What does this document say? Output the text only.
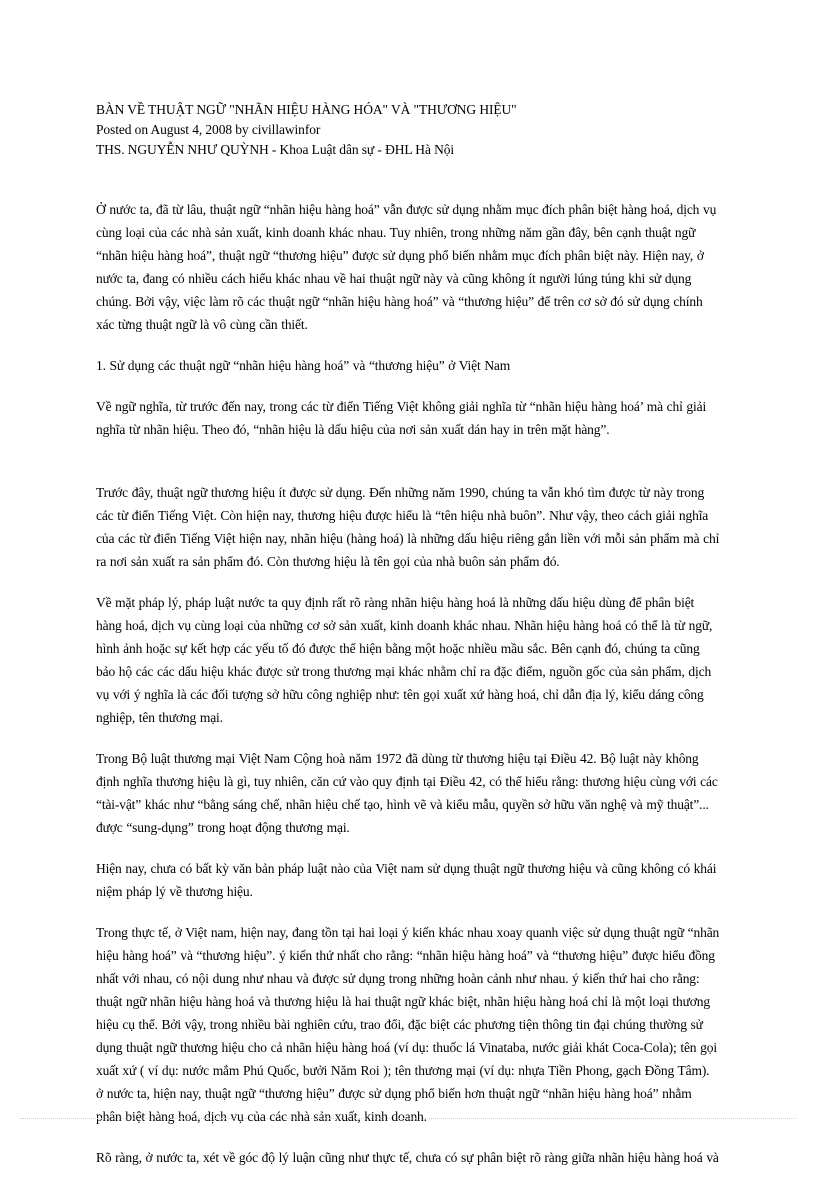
BÀN VỀ THUẬT NGỮ "NHÃN HIỆU HÀNG HÓA" VÀ "THƯƠNG HIỆU"
Posted on August 4, 2008 by civillawinfor
THS. NGUYỄN NHƯ QUỲNH - Khoa Luật dân sự - ĐHL Hà Nội

Ở nước ta, đã từ lâu, thuật ngữ “nhãn hiệu hàng hoá” vẫn được sử dụng nhằm mục đích phân biệt hàng hoá, dịch vụ cùng loại của các nhà sản xuất, kinh doanh khác nhau. Tuy nhiên, trong những năm gần đây, bên cạnh thuật ngữ “nhãn hiệu hàng hoá”, thuật ngữ “thương hiệu” được sử dụng phổ biến nhằm mục đích phân biệt này. Hiện nay, ở nước ta, đang có nhiều cách hiểu khác nhau về hai thuật ngữ này và cũng không ít người lúng túng khi sử dụng chúng. Bởi vậy, việc làm rõ các thuật ngữ “nhãn hiệu hàng hoá” và “thương hiệu” để trên cơ sở đó sử dụng chính xác từng thuật ngữ là vô cùng cần thiết.

1. Sử dụng các thuật ngữ “nhãn hiệu hàng hoá” và “thương hiệu” ở Việt Nam

Về ngữ nghĩa, từ trước đến nay, trong các từ điển Tiếng Việt không giải nghĩa từ “nhãn hiệu hàng hoá’ mà chỉ giải nghĩa từ nhãn hiệu. Theo đó, “nhãn hiệu là dấu hiệu của nơi sản xuất dán hay in trên mặt hàng”.

Trước đây, thuật ngữ thương hiệu ít được sử dụng. Đến những năm 1990, chúng ta vẫn khó tìm được từ này trong các từ điển Tiếng Việt. Còn hiện nay, thương hiệu được hiểu là “tên hiệu nhà buôn”. Như vậy, theo cách giải nghĩa của các từ điển Tiếng Việt hiện nay, nhãn hiệu (hàng hoá) là những dấu hiệu riêng gắn liền với mỗi sản phẩm mà chỉ ra nơi sản xuất ra sản phẩm đó. Còn thương hiệu là tên gọi của nhà buôn sản phẩm đó.

Về mặt pháp lý, pháp luật nước ta quy định rất rõ ràng nhãn hiệu hàng hoá là những dấu hiệu dùng để phân biệt hàng hoá, dịch vụ cùng loại của những cơ sở sản xuất, kinh doanh khác nhau. Nhãn hiệu hàng hoá có thể là từ ngữ, hình ảnh hoặc sự kết hợp các yếu tố đó được thể hiện bằng một hoặc nhiều mầu sắc. Bên cạnh đó, chúng ta cũng bảo hộ các các dấu hiệu khác được sử trong thương mại khác nhằm chỉ ra đặc điểm, nguồn gốc của sản phẩm, dịch vụ với ý nghĩa là các đối tượng sở hữu công nghiệp như: tên gọi xuất xứ hàng hoá, chỉ dẫn địa lý, kiểu dáng công nghiệp, tên thương mại.

Trong Bộ luật thương mại Việt Nam Cộng hoà năm 1972 đã dùng từ thương hiệu tại Điều 42. Bộ luật này không định nghĩa thương hiệu là gì, tuy nhiên, căn cứ vào quy định tại Điều 42, có thể hiểu rằng: thương hiệu cùng với các “tài-vật” khác như “bằng sáng chế, nhãn hiệu chế tạo, hình vẽ và kiểu mẫu, quyền sở hữu văn nghệ và mỹ thuật”... được “sung-dụng” trong hoạt động thương mại.

Hiện nay, chưa có bất kỳ văn bản pháp luật nào của Việt nam sử dụng thuật ngữ thương hiệu và cũng không có khái niệm pháp lý về thương hiệu.

Trong thực tế, ở Việt nam, hiện nay, đang tồn tại hai loại ý kiến khác nhau xoay quanh việc sử dụng thuật ngữ “nhãn hiệu hàng hoá” và “thương hiệu”. ý kiến thứ nhất cho rằng: “nhãn hiệu hàng hoá” và “thương hiệu” được hiểu đồng nhất với nhau, có nội dung như nhau và được sử dụng trong những hoàn cảnh như nhau. ý kiến thứ hai cho rằng: thuật ngữ nhãn hiệu hàng hoá và thương hiệu là hai thuật ngữ khác biệt, nhãn hiệu hàng hoá chỉ là một loại thương hiệu cụ thể. Bởi vậy, trong nhiều bài nghiên cứu, trao đổi, đặc biệt các phương tiện thông tin đại chúng thường sử dụng thuật ngữ thương hiệu cho cả nhãn hiệu hàng hoá (ví dụ: thuốc lá Vinataba, nước giải khát Coca-Cola); tên gọi xuất xứ ( ví dụ: nước mắm Phú Quốc, bưởi Năm Roi ); tên thương mại (ví dụ: nhựa Tiền Phong, gạch Đồng Tâm). ở nước ta, hiện nay, thuật ngữ “thương hiệu” được sử dụng phổ biến hơn thuật ngữ “nhãn hiệu hàng hoá” nhằm phân biệt hàng hoá, dịch vụ của các nhà sản xuất, kinh doanh.

Rõ ràng, ở nước ta, xét về góc độ lý luận cũng như thực tế, chưa có sự phân biệt rõ ràng giữa nhãn hiệu hàng hoá và
